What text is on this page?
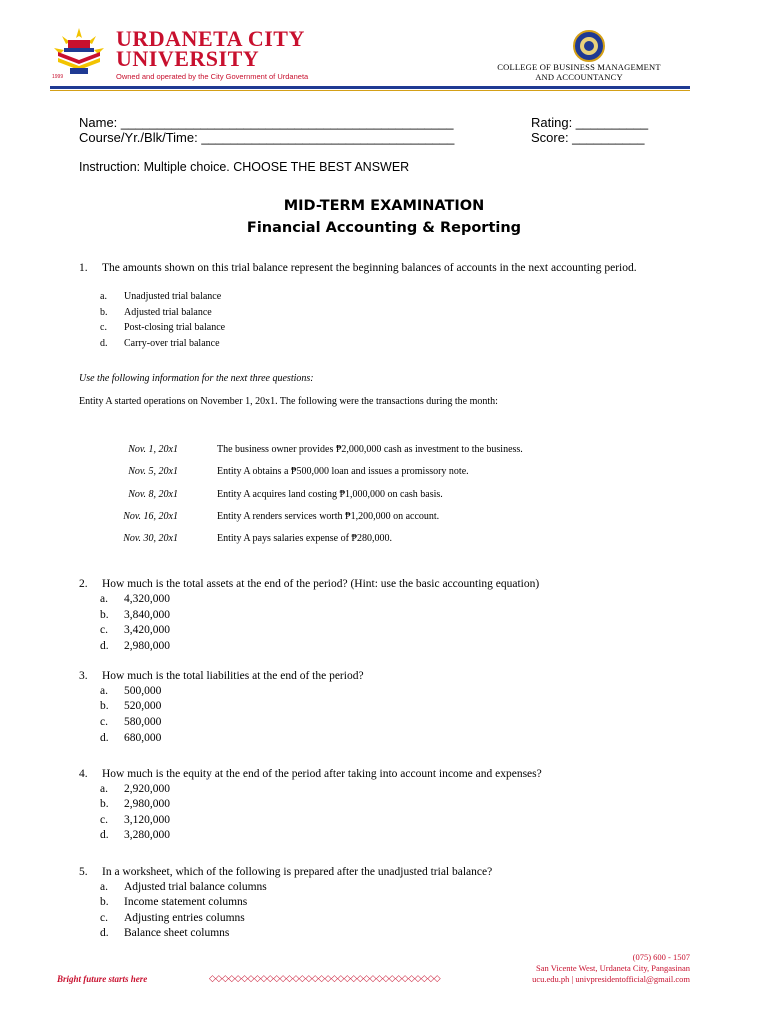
1999
URDANETA CITY
UNIVERSITY
Owned and operated by the City Government of Urdaneta
COLLEGE OF BUSINESS MANAGEMENT
AND ACCOUNTANCY
Name: ______________________________________________
Course/Yr./Blk/Time: ___________________________________
Rating: __________
Score: __________
Instruction: Multiple choice. CHOOSE THE BEST ANSWER
MID-TERM EXAMINATION
Financial Accounting & Reporting
1. The amounts shown on this trial balance represent the beginning balances of accounts in the next accounting period.
a. Unadjusted trial balance
b. Adjusted trial balance
c. Post-closing trial balance
d. Carry-over trial balance
Use the following information for the next three questions:
Entity A started operations on November 1, 20x1. The following were the transactions during the month:
Nov. 1, 20x1	The business owner provides ₱2,000,000 cash as investment to the business.
Nov. 5, 20x1	Entity A obtains a ₱500,000 loan and issues a promissory note.
Nov. 8, 20x1	Entity A acquires land costing ₱1,000,000 on cash basis.
Nov. 16, 20x1	Entity A renders services worth ₱1,200,000 on account.
Nov. 30, 20x1	Entity A pays salaries expense of ₱280,000.
2. How much is the total assets at the end of the period? (Hint: use the basic accounting equation)
a. 4,320,000
b. 3,840,000
c. 3,420,000
d. 2,980,000
3. How much is the total liabilities at the end of the period?
a. 500,000
b. 520,000
c. 580,000
d. 680,000
4. How much is the equity at the end of the period after taking into account income and expenses?
a. 2,920,000
b. 2,980,000
c. 3,120,000
d. 3,280,000
5. In a worksheet, which of the following is prepared after the unadjusted trial balance?
a. Adjusted trial balance columns
b. Income statement columns
c. Adjusting entries columns
d. Balance sheet columns
Bright future starts here	◇◇◇◇◇◇◇◇◇◇◇◇◇◇◇◇◇◇◇◇◇◇◇◇◇◇◇◇◇◇◇◇◇◇◇◇
(075) 600 - 1507
San Vicente West, Urdaneta City, Pangasinan
ucu.edu.ph | univpresidentofficial@gmail.com
